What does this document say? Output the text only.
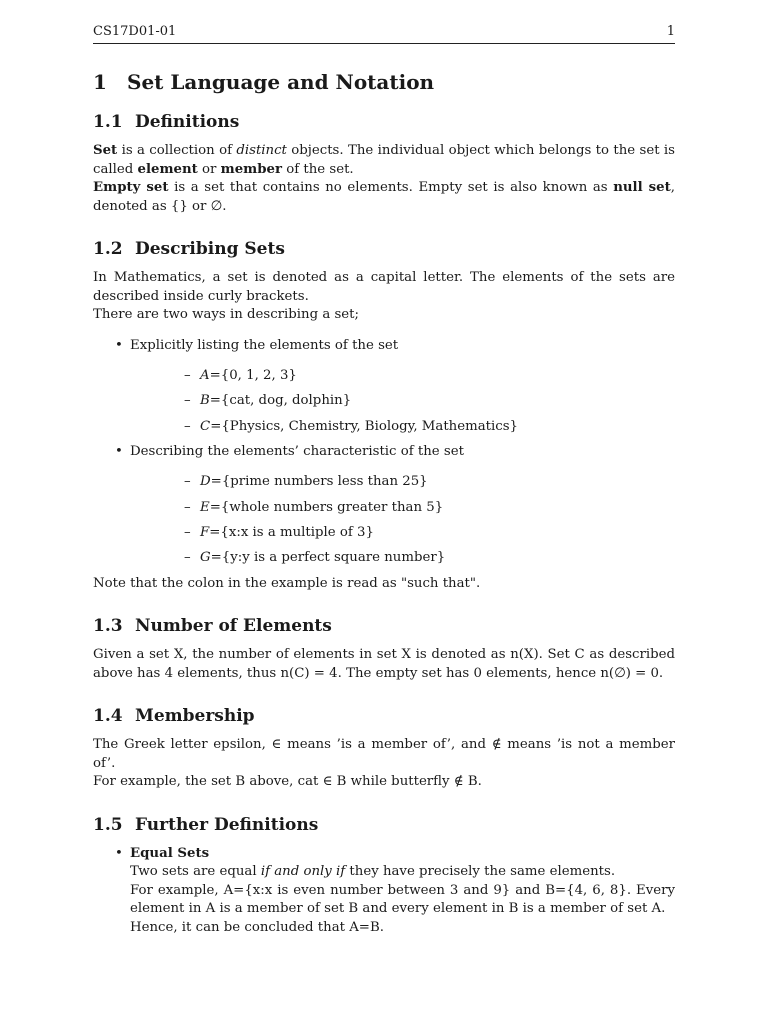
CS17D01-01	1
1 Set Language and Notation
1.1 Definitions

Set is a collection of distinct objects. The individual object which belongs to the set is called element or member of the set.

Empty set is a set that contains no elements. Empty set is also known as null set, denoted as {} or ∅.

1.2 Describing Sets

In Mathematics, a set is denoted as a capital letter. The elements of the sets are described inside curly brackets.

There are two ways in describing a set;

• Explicitly listing the elements of the set
– A={0, 1, 2, 3}
– B={cat, dog, dolphin}
– C={Physics, Chemistry, Biology, Mathematics}
• Describing the elements’ characteristic of the set
– D={prime numbers less than 25}
– E={whole numbers greater than 5}
– F={x:x is a multiple of 3}
– G={y:y is a perfect square number}

Note that the colon in the example is read as "such that".

1.3 Number of Elements

Given a set X, the number of elements in set X is denoted as n(X). Set C as described above has 4 elements, thus n(C) = 4. The empty set has 0 elements, hence n(∅) = 0.

1.4 Membership

The Greek letter epsilon, ∈ means ’is a member of’, and ∉ means ’is not a member of’.

For example, the set B above, cat ∈ B while butterfly ∉ B.

1.5 Further Definitions
• Equal Sets
Two sets are equal if and only if they have precisely the same elements.

For example, A={x:x is even number between 3 and 9} and B={4, 6, 8}. Every element in A is a member of set B and every element in B is a member of set A.
Hence, it can be concluded that A=B.
